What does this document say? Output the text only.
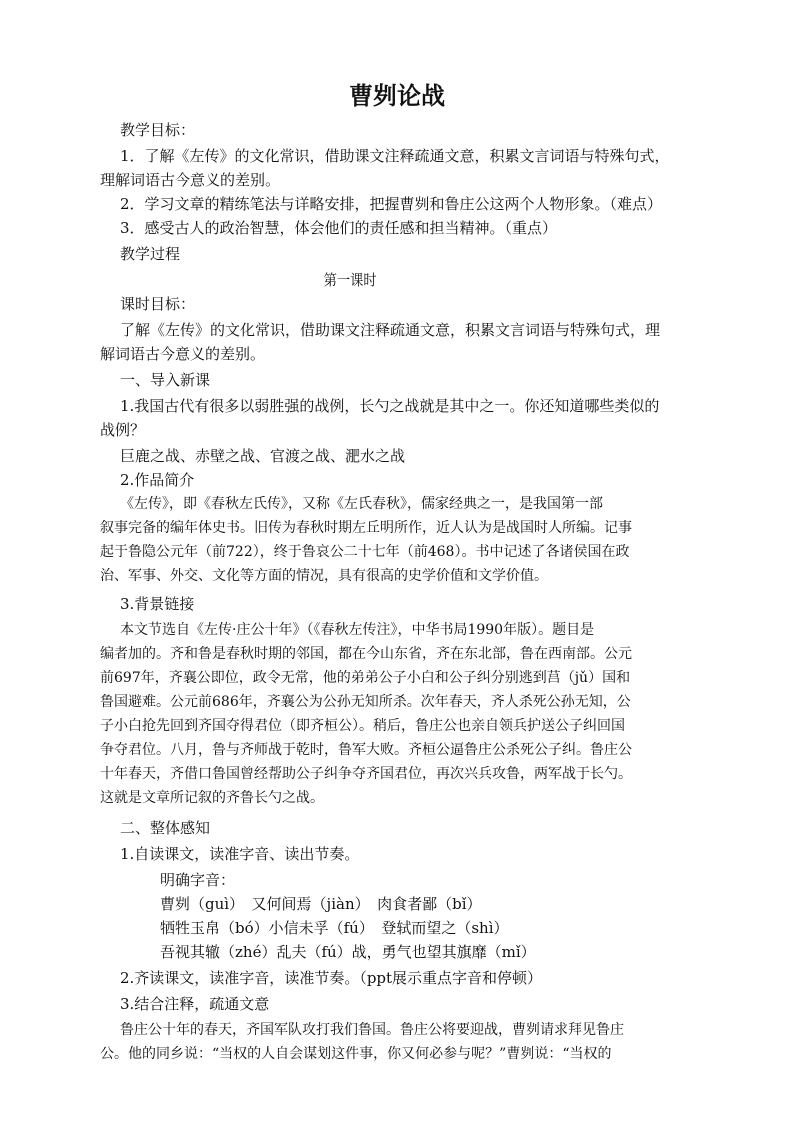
曹刿论战
教学目标：
1．了解《左传》的文化常识，借助课文注释疏通文意，积累文言词语与特殊句式，
理解词语古今意义的差别。
2．学习文章的精练笔法与详略安排，把握曹刿和鲁庄公这两个人物形象。（难点）
3．感受古人的政治智慧，体会他们的责任感和担当精神。（重点）
教学过程
第一课时
课时目标：
了解《左传》的文化常识，借助课文注释疏通文意，积累文言词语与特殊句式，理
解词语古今意义的差别。
一、导入新课
1.我国古代有很多以弱胜强的战例，长勺之战就是其中之一。你还知道哪些类似的
战例？
巨鹿之战、赤壁之战、官渡之战、淝水之战
2.作品简介
《左传》，即《春秋左氏传》，又称《左氏春秋》，儒家经典之一，是我国第一部
叙事完备的编年体史书。旧传为春秋时期左丘明所作，近人认为是战国时人所编。记事
起于鲁隐公元年（前722），终于鲁哀公二十七年（前468）。书中记述了各诸侯国在政
治、军事、外交、文化等方面的情况，具有很高的史学价值和文学价值。
3.背景链接
本文节选自《左传·庄公十年》（《春秋左传注》，中华书局1990年版）。题目是
编者加的。齐和鲁是春秋时期的邻国，都在今山东省，齐在东北部，鲁在西南部。公元
前697年，齐襄公即位，政令无常，他的弟弟公子小白和公子纠分别逃到莒（jǔ）国和
鲁国避难。公元前686年，齐襄公为公孙无知所杀。次年春天，齐人杀死公孙无知，公
子小白抢先回到齐国夺得君位（即齐桓公）。稍后，鲁庄公也亲自领兵护送公子纠回国
争夺君位。八月，鲁与齐师战于乾时，鲁军大败。齐桓公逼鲁庄公杀死公子纠。鲁庄公
十年春天，齐借口鲁国曾经帮助公子纠争夺齐国君位，再次兴兵攻鲁，两军战于长勺。
这就是文章所记叙的齐鲁长勺之战。
二、整体感知
1.自读课文，读准字音、读出节奏。
明确字音：
曹刿（guì）　又何间焉（jiàn）　肉食者鄙（bǐ）
牺牲玉帛（bó）小信未孚（fú）　登轼而望之（shì）
吾视其辙（zhé）乱夫（fú）战，勇气也望其旗靡（mǐ）
2.齐读课文，读准字音，读准节奏。（ppt展示重点字音和停顿）
3.结合注释，疏通文意
鲁庄公十年的春天，齐国军队攻打我们鲁国。鲁庄公将要迎战，曹刿请求拜见鲁庄
公。他的同乡说：“当权的人自会谋划这件事，你又何必参与呢？”曹刿说：“当权的
